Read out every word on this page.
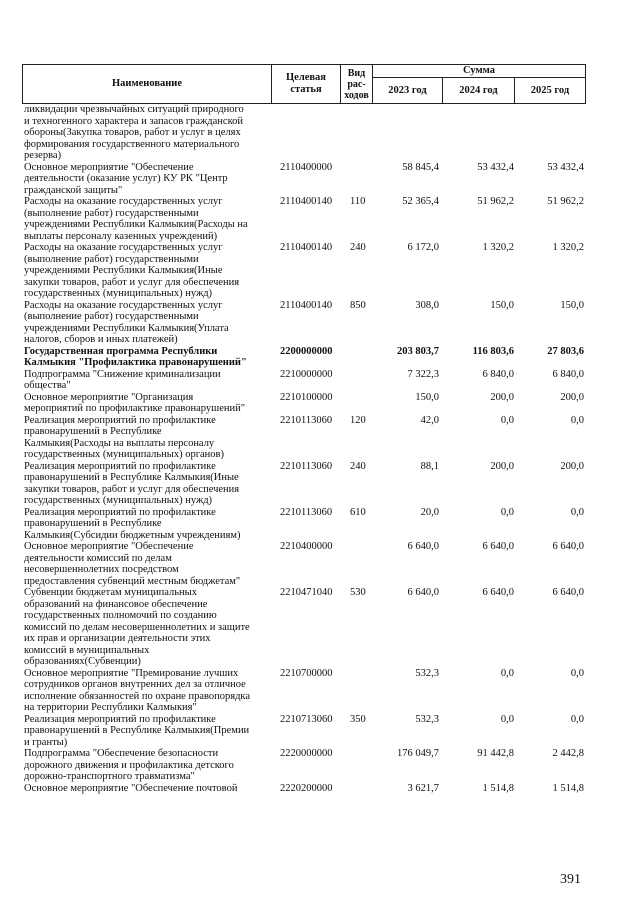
Наименование
Целевая статья
Вид рас-ходов
Сумма
2023 год	2024 год	2025 год
ликвидации чрезвычайных ситуаций природного
и техногенного характера и запасов гражданской
обороны(Закупка товаров, работ и услуг в целях
формирования государственного материального
резерва)
Основное мероприятие "Обеспечение
деятельности (оказание услуг) КУ РК "Центр
гражданской защиты"
2110400000	58 845,4	53 432,4	53 432,4
Расходы на оказание государственных услуг
(выполнение работ) государственными
учреждениями Республики Калмыкия(Расходы на
выплаты персоналу казенных учреждений)
2110400140 110	52 365,4	51 962,2	51 962,2
Расходы на оказание государственных услуг
(выполнение работ) государственными
учреждениями Республики Калмыкия(Иные
закупки товаров, работ и услуг для обеспечения
государственных (муниципальных) нужд)
2110400140 240	6 172,0	1 320,2	1 320,2
Расходы на оказание государственных услуг
(выполнение работ) государственными
учреждениями Республики Калмыкия(Уплата
налогов, сборов и иных платежей)
2110400140 850	308,0	150,0	150,0
Государственная программа Республики
Калмыкия "Профилактика правонарушений"
2200000000	203 803,7	116 803,6	27 803,6
Подпрограмма "Снижение криминализации
общества"
2210000000	7 322,3	6 840,0	6 840,0
Основное мероприятие "Организация
мероприятий по профилактике правонарушений"
2210100000	150,0	200,0	200,0
Реализация мероприятий по профилактике
правонарушений в Республике
Калмыкия(Расходы на выплаты персоналу
государственных (муниципальных) органов)
2210113060 120	42,0	0,0	0,0
Реализация мероприятий по профилактике
правонарушений в Республике Калмыкия(Иные
закупки товаров, работ и услуг для обеспечения
государственных (муниципальных) нужд)
2210113060 240	88,1	200,0	200,0
Реализация мероприятий по профилактике
правонарушений в Республике
Калмыкия(Субсидии бюджетным учреждениям)
2210113060 610	20,0	0,0	0,0
Основное мероприятие "Обеспечение
деятельности комиссий по делам
несовершеннолетних посредством
предоставления субвенций местным бюджетам"
2210400000	6 640,0	6 640,0	6 640,0
Субвенции бюджетам муниципальных
образований на финансовое обеспечение
государственных полномочий по созданию
комиссий по делам несовершеннолетних и защите
их прав и организации деятельности этих
комиссий в муниципальных
образованиях(Субвенции)
2210471040 530	6 640,0	6 640,0	6 640,0
Основное мероприятие "Премирование лучших
сотрудников органов внутренних дел за отличное
исполнение обязанностей по охране правопорядка
на территории Республики Калмыкия"
2210700000	532,3	0,0	0,0
Реализация мероприятий по профилактике
правонарушений в Республике Калмыкия(Премии
и гранты)
2210713060 350	532,3	0,0	0,0
Подпрограмма "Обеспечение безопасности
дорожного движения и профилактика детского
дорожно-транспортного травматизма"
2220000000	176 049,7	91 442,8	2 442,8
Основное мероприятие "Обеспечение почтовой	2220200000	3 621,7	1 514,8	1 514,8
391
